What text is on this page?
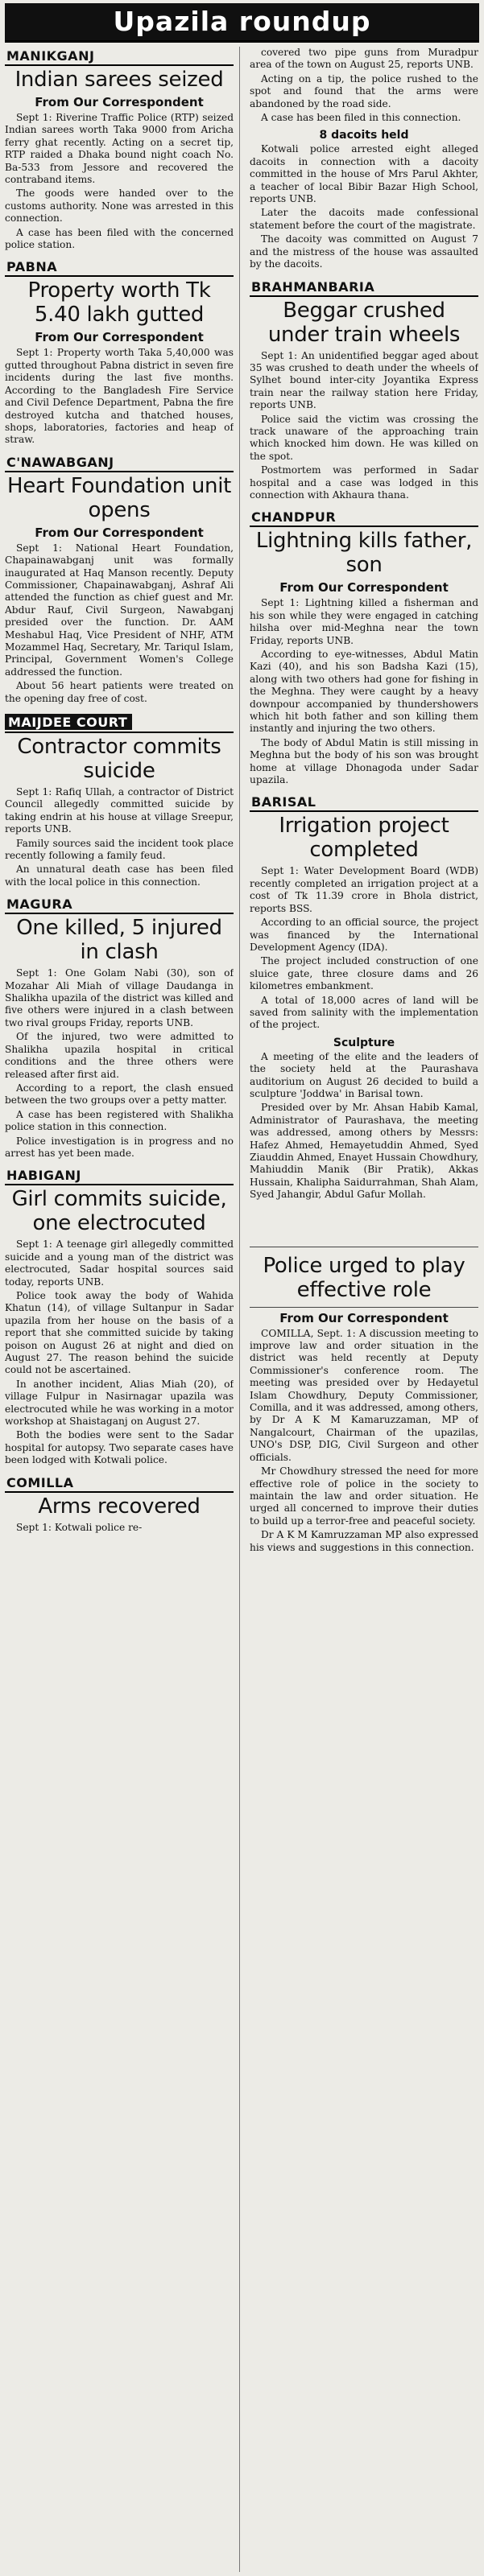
Upazila roundup
MANIKGANJ
Indian sarees seized
From Our Correspondent

Sept 1: Riverine Traffic Police (RTP) seized Indian sarees worth Taka 9000 from Aricha ferry ghat recently. Acting on a secret tip, RTP raided a Dhaka bound night coach No. Ba-533 from Jessore and recovered the contraband items.

The goods were handed over to the customs authority. None was arrested in this connection.

A case has been filed with the concerned police station.

PABNA
Property worth Tk 5.40 lakh gutted
From Our Correspondent

Sept 1: Property worth Taka 5,40,000 was gutted throughout Pabna district in seven fire incidents during the last five months. According to the Bangladesh Fire Service and Civil Defence Department, Pabna the fire destroyed kutcha and thatched houses, shops, laboratories, factories and heap of straw.

C'NAWABGANJ
Heart Foundation unit opens
From Our Correspondent

Sept 1: National Heart Foundation, Chapainawabganj unit was formally inaugurated at Haq Manson recently. Deputy Commissioner, Chapainawabganj, Ashraf Ali attended the function as chief guest and Mr. Abdur Rauf, Civil Surgeon, Nawabganj presided over the function. Dr. AAM Meshabul Haq, Vice President of NHF, ATM Mozammel Haq, Secretary, Mr. Tariqul Islam, Principal, Government Women's College addressed the function.

About 56 heart patients were treated on the opening day free of cost.

MAIJDEE COURT
Contractor commits suicide

Sept 1: Rafiq Ullah, a contractor of District Council allegedly committed suicide by taking endrin at his house at village Sreepur, reports UNB.

Family sources said the incident took place recently following a family feud.

An unnatural death case has been filed with the local police in this connection.

MAGURA
One killed, 5 injured in clash

Sept 1: One Golam Nabi (30), son of Mozahar Ali Miah of village Daudanga in Shalikha upazila of the district was killed and five others were injured in a clash between two rival groups Friday, reports UNB.

Of the injured, two were admitted to Shalikha upazila hospital in critical conditions and the three others were released after first aid.

According to a report, the clash ensued between the two groups over a petty matter.

A case has been registered with Shalikha police station in this connection.

Police investigation is in progress and no arrest has yet been made.

HABIGANJ
Girl commits suicide, one electrocuted

Sept 1: A teenage girl allegedly committed suicide and a young man of the district was electrocuted, Sadar hospital sources said today, reports UNB.

Police took away the body of Wahida Khatun (14), of village Sultanpur in Sadar upazila from her house on the basis of a report that she committed suicide by taking poison on August 26 at night and died on August 27. The reason behind the suicide could not be ascertained.

In another incident, Alias Miah (20), of village Fulpur in Nasirnagar upazila was electrocuted while he was working in a motor workshop at Shaistaganj on August 27.

Both the bodies were sent to the Sadar hospital for autopsy. Two separate cases have been lodged with Kotwali police.

COMILLA
Arms recovered

Sept 1: Kotwali police re-

covered two pipe guns from Muradpur area of the town on August 25, reports UNB.

Acting on a tip, the police rushed to the spot and found that the arms were abandoned by the road side.

A case has been filed in this connection.

8 dacoits held

Kotwali police arrested eight alleged dacoits in connection with a dacoity committed in the house of Mrs Parul Akhter, a teacher of local Bibir Bazar High School, reports UNB.

Later the dacoits made confessional statement before the court of the magistrate.

The dacoity was committed on August 7 and the mistress of the house was assaulted by the dacoits.

BRAHMANBARIA
Beggar crushed under train wheels

Sept 1: An unidentified beggar aged about 35 was crushed to death under the wheels of Sylhet bound inter-city Joyantika Express train near the railway station here Friday, reports UNB.

Police said the victim was crossing the track unaware of the approaching train which knocked him down. He was killed on the spot.

Postmortem was performed in Sadar hospital and a case was lodged in this connection with Akhaura thana.

CHANDPUR
Lightning kills father, son
From Our Correspondent

Sept 1: Lightning killed a fisherman and his son while they were engaged in catching hilsha over mid-Meghna near the town Friday, reports UNB.

According to eye-witnesses, Abdul Matin Kazi (40), and his son Badsha Kazi (15), along with two others had gone for fishing in the Meghna. They were caught by a heavy downpour accompanied by thundershowers which hit both father and son killing them instantly and injuring the two others.

The body of Abdul Matin is still missing in Meghna but the body of his son was brought home at village Dhonagoda under Sadar upazila.

BARISAL
Irrigation project completed

Sept 1: Water Development Board (WDB) recently completed an irrigation project at a cost of Tk 11.39 crore in Bhola district, reports BSS.

According to an official source, the project was financed by the International Development Agency (IDA).

The project included construction of one sluice gate, three closure dams and 26 kilometres embankment.

A total of 18,000 acres of land will be saved from salinity with the implementation of the project.

Sculpture

A meeting of the elite and the leaders of the society held at the Paurashava auditorium on August 26 decided to build a sculpture 'Joddwa' in Barisal town.

Presided over by Mr. Ahsan Habib Kamal, Administrator of Paurashava, the meeting was addressed, among others by Messrs: Hafez Ahmed, Hemayetuddin Ahmed, Syed Ziauddin Ahmed, Enayet Hussain Chowdhury, Mahiuddin Manik (Bir Pratik), Akkas Hussain, Khalipha Saidurrahman, Shah Alam, Syed Jahangir, Abdul Gafur Mollah.

Police urged to play effective role
From Our Correspondent

COMILLA, Sept. 1: A discussion meeting to improve law and order situation in the district was held recently at Deputy Commissioner's conference room. The meeting was presided over by Hedayetul Islam Chowdhury, Deputy Commissioner, Comilla, and it was addressed, among others, by Dr A K M Kamaruzzaman, MP of Nangalcourt, Chairman of the upazilas, UNO's DSP, DIG, Civil Surgeon and other officials.

Mr Chowdhury stressed the need for more effective role of police in the society to maintain the law and order situation. He urged all concerned to improve their duties to build up a terror-free and peaceful society.

Dr A K M Kamruzzaman MP also expressed his views and suggestions in this connection.
